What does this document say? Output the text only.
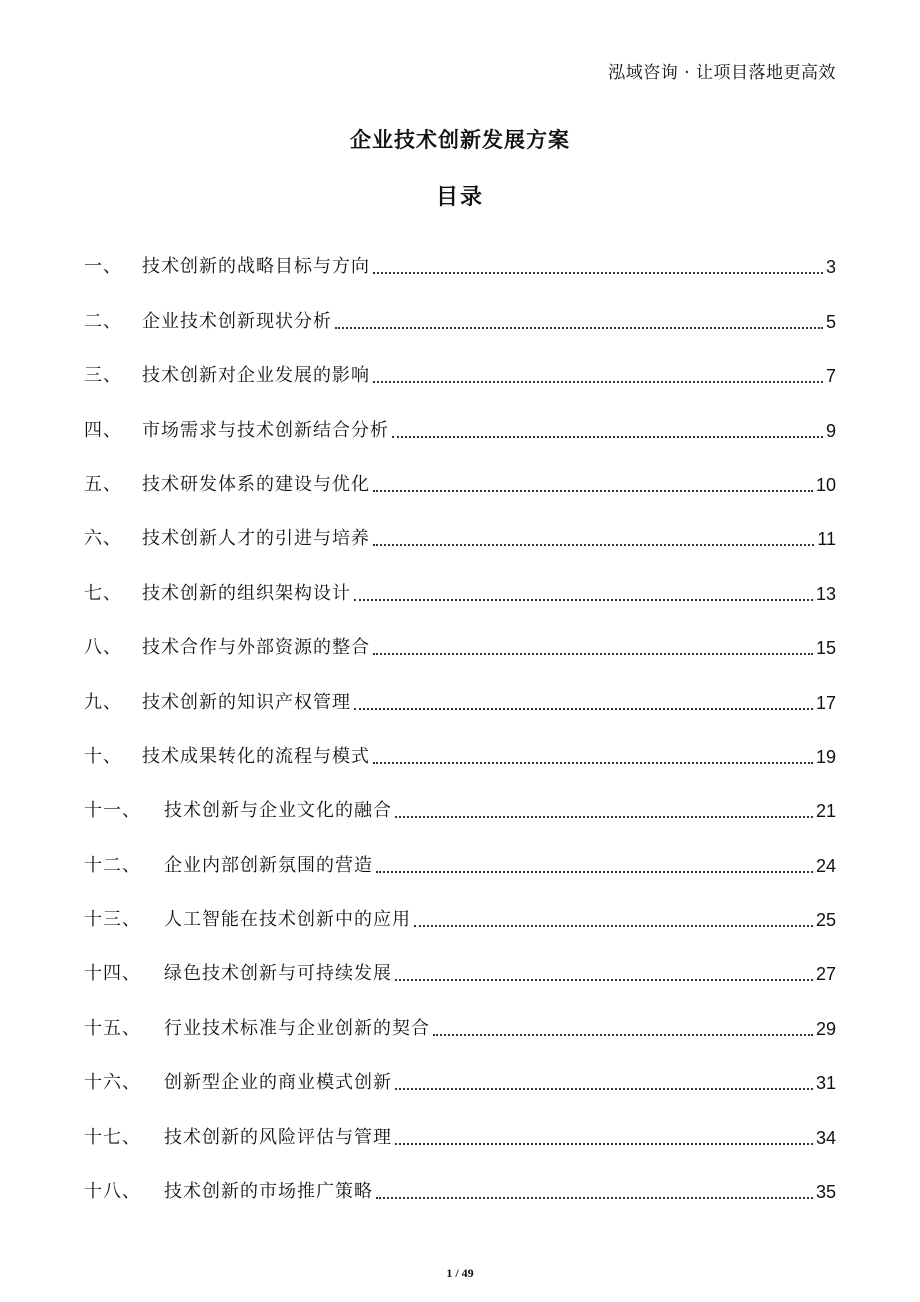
泓域咨询 · 让项目落地更高效
企业技术创新发展方案
目录
一、	技术创新的战略目标与方向	3
二、	企业技术创新现状分析	5
三、	技术创新对企业发展的影响	7
四、	市场需求与技术创新结合分析	9
五、	技术研发体系的建设与优化	10
六、	技术创新人才的引进与培养	11
七、	技术创新的组织架构设计	13
八、	技术合作与外部资源的整合	15
九、	技术创新的知识产权管理	17
十、	技术成果转化的流程与模式	19
十一、	技术创新与企业文化的融合	21
十二、	企业内部创新氛围的营造	24
十三、	人工智能在技术创新中的应用	25
十四、	绿色技术创新与可持续发展	27
十五、	行业技术标准与企业创新的契合	29
十六、	创新型企业的商业模式创新	31
十七、	技术创新的风险评估与管理	34
十八、	技术创新的市场推广策略	35
1 / 49
